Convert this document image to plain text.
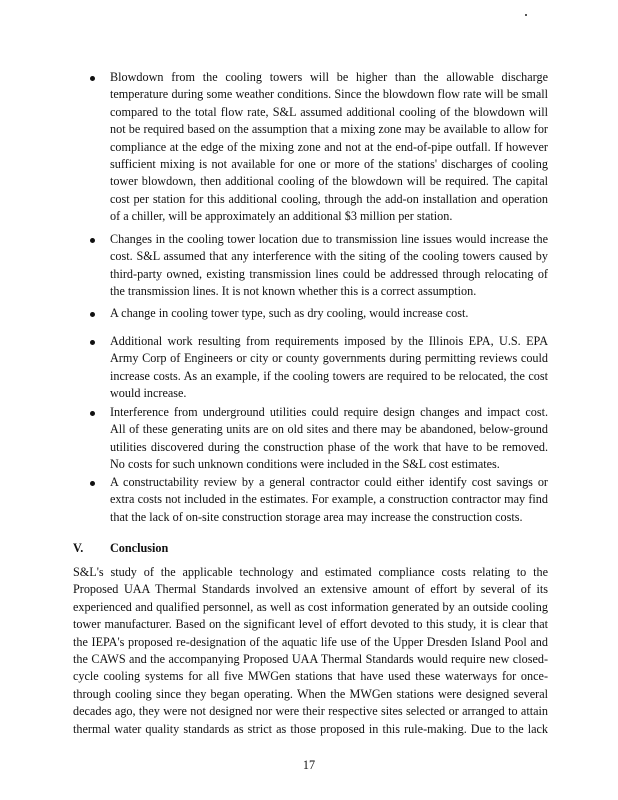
Blowdown from the cooling towers will be higher than the allowable discharge
temperature during some weather conditions. Since the blowdown flow rate will be small
compared to the total flow rate, S&L assumed additional cooling of the blowdown will
not be required based on the assumption that a mixing zone may be available to allow for
compliance at the edge of the mixing zone and not at the end-of-pipe outfall. If however
sufficient mixing is not available for one or more of the stations' discharges of cooling
tower blowdown, then additional cooling of the blowdown will be required. The capital
cost per station for this additional cooling, through the add-on installation and operation
of a chiller, will be approximately an additional $3 million per station.
Changes in the cooling tower location due to transmission line issues would increase the
cost. S&L assumed that any interference with the siting of the cooling towers caused by
third-party owned, existing transmission lines could be addressed through relocating of
the transmission lines. It is not known whether this is a correct assumption.
A change in cooling tower type, such as dry cooling, would increase cost.
Additional work resulting from requirements imposed by the Illinois EPA, U.S. EPA
Army Corp of Engineers or city or county governments during permitting reviews could
increase costs. As an example, if the cooling towers are required to be relocated, the cost
would increase.
Interference from underground utilities could require design changes and impact cost.
All of these generating units are on old sites and there may be abandoned, below-ground
utilities discovered during the construction phase of the work that have to be removed.
No costs for such unknown conditions were included in the S&L cost estimates.
A constructability review by a general contractor could either identify cost savings or
extra costs not included in the estimates. For example, a construction contractor may find
that the lack of on-site construction storage area may increase the construction costs.
V. Conclusion
S&L's study of the applicable technology and estimated compliance costs relating to the
Proposed UAA Thermal Standards involved an extensive amount of effort by several of its
experienced and qualified personnel, as well as cost information generated by an outside cooling
tower manufacturer. Based on the significant level of effort devoted to this study, it is clear that
the IEPA's proposed re-designation of the aquatic life use of the Upper Dresden Island Pool and
the CAWS and the accompanying Proposed UAA Thermal Standards would require new closed-
cycle cooling systems for all five MWGen stations that have used these waterways for once-
through cooling since they began operating. When the MWGen stations were designed several
decades ago, they were not designed nor were their respective sites selected or arranged to attain
thermal water quality standards as strict as those proposed in this rule-making. Due to the lack
17
